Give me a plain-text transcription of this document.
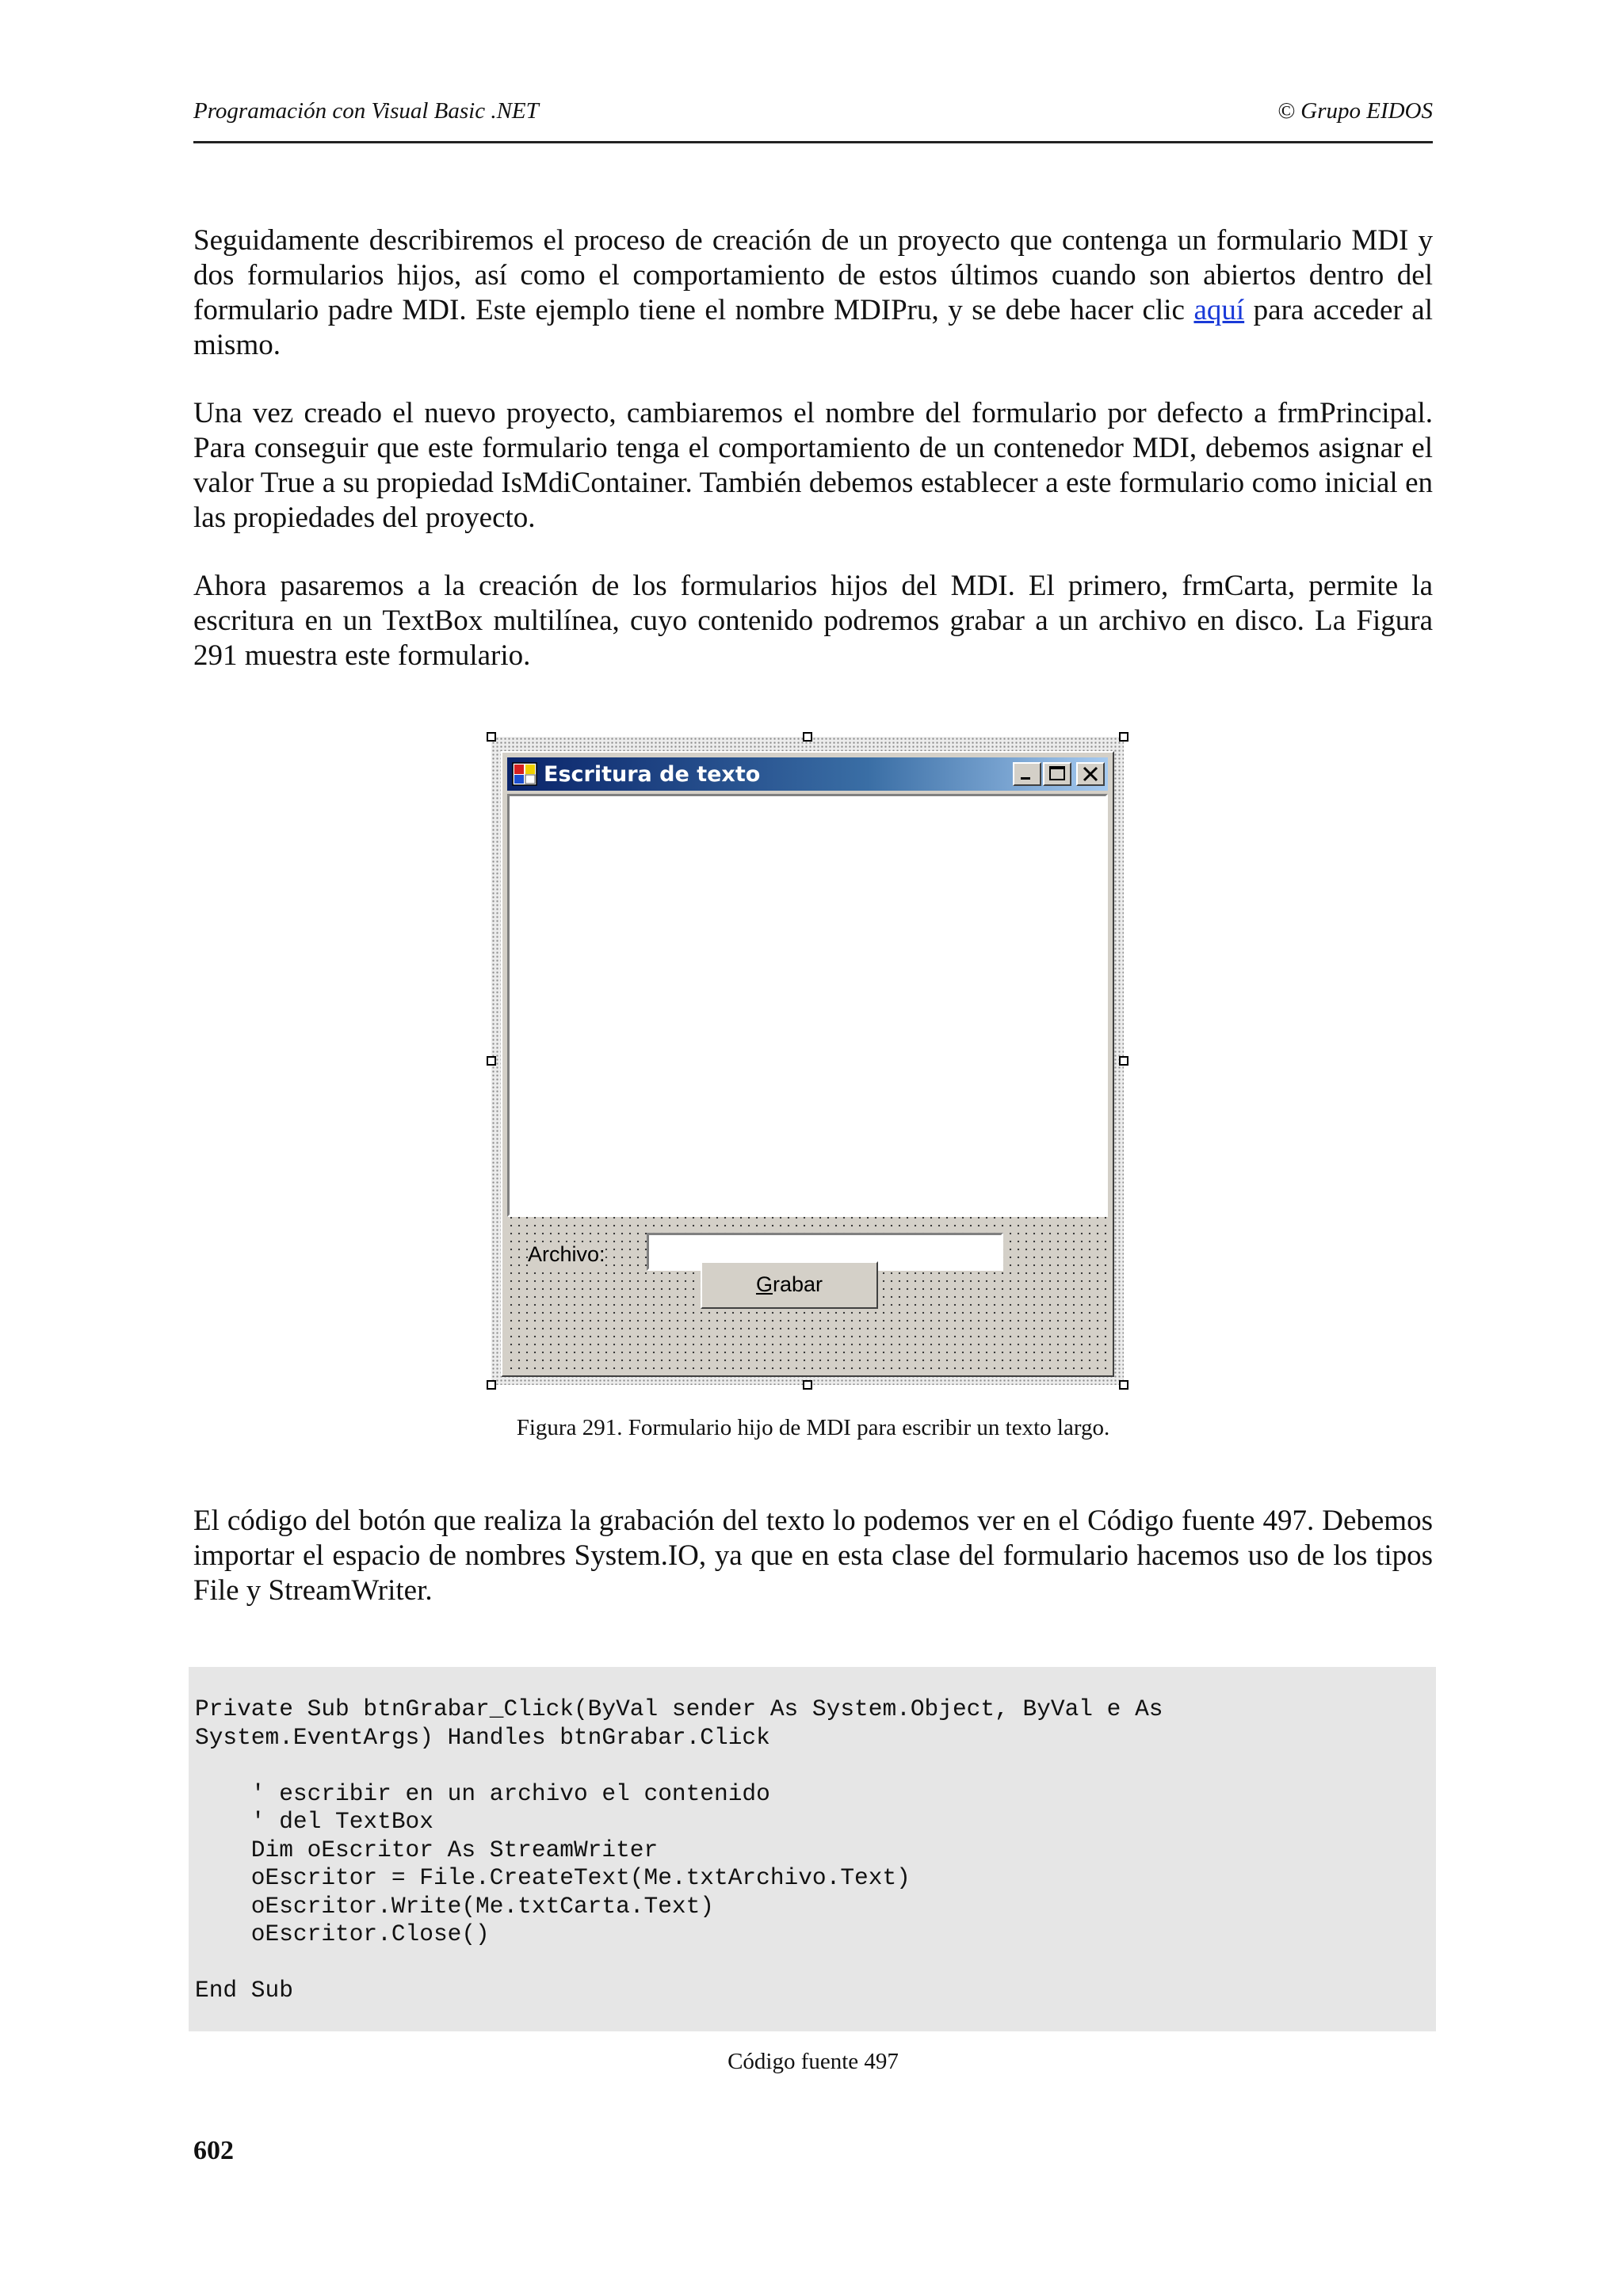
Programación con Visual Basic .NET	© Grupo EIDOS

Seguidamente describiremos el proceso de creación de un proyecto que contenga un formulario MDI y dos formularios hijos, así como el comportamiento de estos últimos cuando son abiertos dentro del formulario padre MDI. Este ejemplo tiene el nombre MDIPru, y se debe hacer clic aquí para acceder al mismo.

Una vez creado el nuevo proyecto, cambiaremos el nombre del formulario por defecto a frmPrincipal. Para conseguir que este formulario tenga el comportamiento de un contenedor MDI, debemos asignar el valor True a su propiedad IsMdiContainer. También debemos establecer a este formulario como inicial en las propiedades del proyecto.

Ahora pasaremos a la creación de los formularios hijos del MDI. El primero, frmCarta, permite la escritura en un TextBox multilínea, cuyo contenido podremos grabar a un archivo en disco. La Figura 291 muestra este formulario.

Escritura de texto
Archivo:
Grabar
Figura 291. Formulario hijo de MDI para escribir un texto largo.

El código del botón que realiza la grabación del texto lo podemos ver en el Código fuente 497. Debemos importar el espacio de nombres System.IO, ya que en esta clase del formulario hacemos uso de los tipos File y StreamWriter.

Private Sub btnGrabar_Click(ByVal sender As System.Object, ByVal e As
System.EventArgs) Handles btnGrabar.Click

' escribir en un archivo el contenido
' del TextBox
Dim oEscritor As StreamWriter
oEscritor = File.CreateText(Me.txtArchivo.Text)
oEscritor.Write(Me.txtCarta.Text)
oEscritor.Close()

End Sub
Código fuente 497
602
